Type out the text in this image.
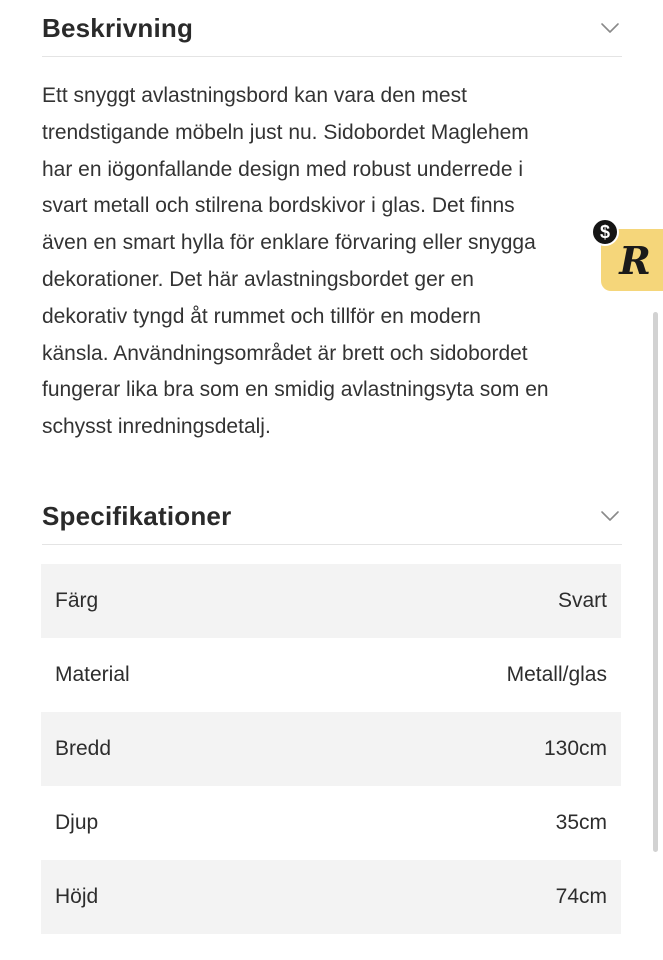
Beskrivning

Ett snyggt avlastningsbord kan vara den mest
trendstigande möbeln just nu. Sidobordet Maglehem
har en iögonfallande design med robust underrede i
svart metall och stilrena bordskivor i glas. Det finns
även en smart hylla för enklare förvaring eller snygga
dekorationer. Det här avlastningsbordet ger en
dekorativ tyngd åt rummet och tillför en modern
känsla. Användningsområdet är brett och sidobordet
fungerar lika bra som en smidig avlastningsyta som en
schysst inredningsdetalj.

Specifikationer
Färg	Svart
Material	Metall/glas
Bredd	130cm
Djup	35cm
Höjd	74cm
R
$
